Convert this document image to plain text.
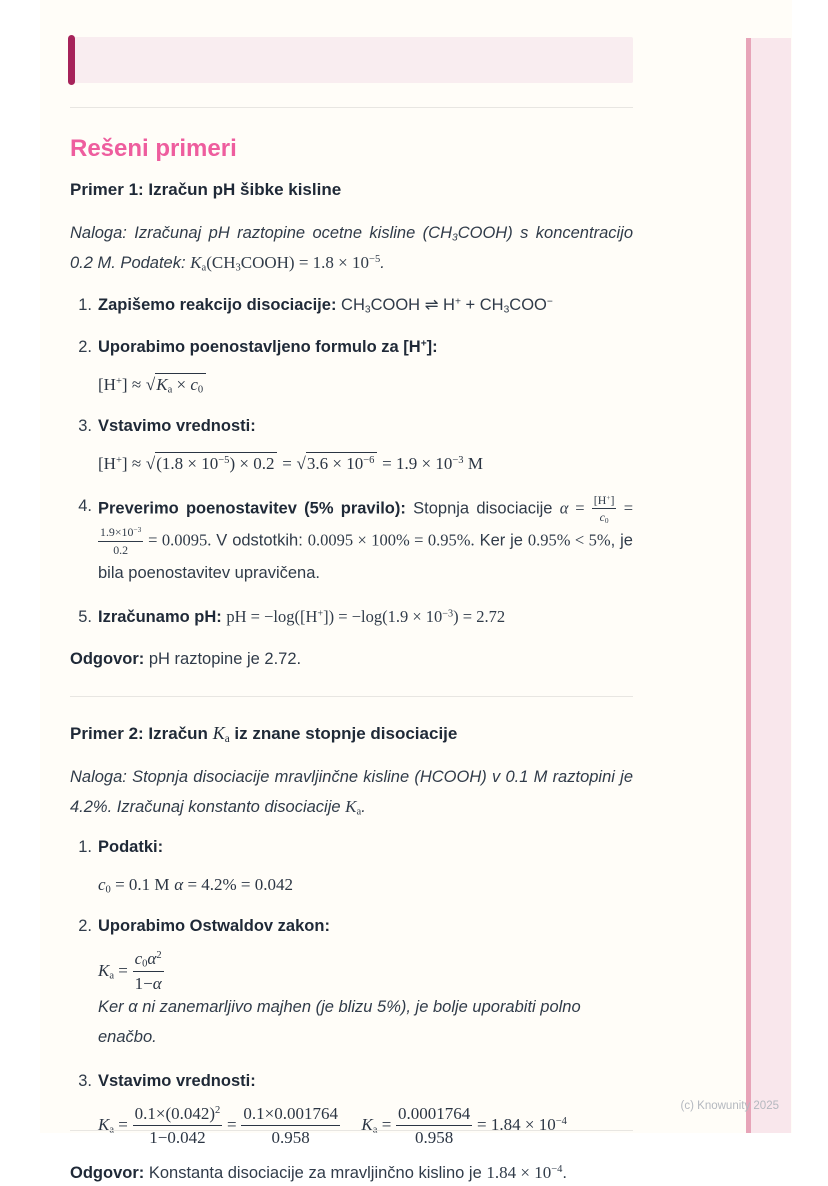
Rešeni primeri
Primer 1: Izračun pH šibke kisline

Naloga: Izračunaj pH raztopine ocetne kisline $(CH_3COOH)$ s koncentracijo 0.2 M. Podatek: $K_a(CH_3COOH) = 1.8 \times 10^{-5}$.

1. Zapišemo reakcijo disociacije: $CH_3COOH$ ⇌ $H^+ + CH_3COO^-$
2. Uporabimo poenostavljeno formulo za [H+]:
$[H^+] \approx √K_a \times c_0$
3. Vstavimo vrednosti:
$[H^+] \approx √(1.8 \times 10^{-5}) \times 0.2 = √3.6 \times 10^{-6} = 1.9 \times 10^{-3}$ M
4. Preverimo poenostavitev (5% pravilo): Stopnja disociacije $\alpha = \frac{[H^+]}{c_0}$ =
$\frac{1.9\times 10^{-3}}{0.2} = 0.0095$. V odstotkih: 0.0095 × 100% = 0.95%. Ker je 0.95% < 5%, je bila poenostavitev upravičena.

5. Izračunamo pH: pH = $-\log([H^+]) = -\log(1.9 \times 10^{-3}) = 2.72$

Odgovor: pH raztopine je 2.72.

Primer 2: Izračun $K_a$ iz znane stopnje disociacije

Naloga: Stopnja disociacije mravljinčne kisline (HCOOH) v 0.1 M raztopini je 4.2%. Izračunaj konstanto disociacije $K_a$.

1. Podatki:
$c_0 = 0.1$ M α = 4.2% = 0.042
2. Uporabimo Ostwaldov zakon:
$K_a = \frac{c_0\alpha^2}{1-\alpha}$
Ker α ni zanemarljivo majhen (je blizu 5%), je bolje uporabiti polno enačbo.
3. Vstavimo vrednosti:
$K_a = \frac{0.1\times(0.042)^2}{1-0.042} = \frac{0.1\times 0.001764}{0.958} K_a = \frac{0.0001764}{0.958} = 1.84 \times 10^{-4}$

Odgovor: Konstanta disociacije za mravljinčno kislino je $1.84 \times 10^{-4}$.

(c) Knowunity 2025
